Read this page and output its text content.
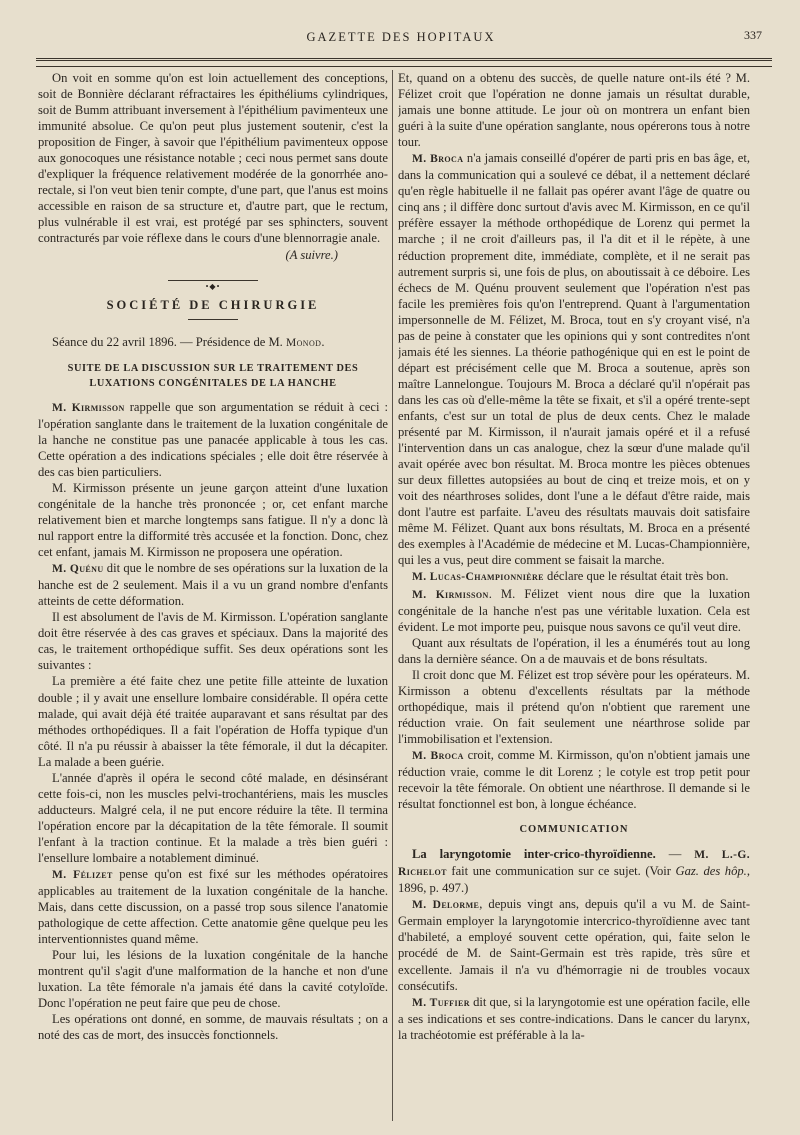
GAZETTE DES HOPITAUX	337

On voit en somme qu'on est loin actuellement des conceptions, soit de Bonnière déclarant réfractaires les épithéliums cylindriques, soit de Bumm attribuant inversement à l'épithélium pavimenteux une immunité absolue. Ce qu'on peut plus justement soutenir, c'est la proposition de Finger, à savoir que l'épithélium pavimenteux oppose aux gonocoques une résistance notable ; ceci nous permet sans doute d'expliquer la fréquence relativement modérée de la gonorrhée ano-rectale, si l'on veut bien tenir compte, d'une part, que l'anus est moins accessible en raison de sa structure et, d'autre part, que le rectum, plus vulnérable il est vrai, est protégé par ses sphincters, souvent contracturés par voie réflexe dans le cours d'une blennorragie anale.

(A suivre.)
•◆•
SOCIÉTÉ DE CHIRURGIE

Séance du 22 avril 1896. — Présidence de M. Monod.

SUITE DE LA DISCUSSION SUR LE TRAITEMENT DES LUXATIONS CONGÉNITALES DE LA HANCHE

M. Kirmisson rappelle que son argumentation se réduit à ceci : l'opération sanglante dans le traitement de la luxation congénitale de la hanche ne constitue pas une panacée applicable à tous les cas. Cette opération a des indications spéciales ; elle doit être réservée à des cas bien particuliers.

M. Kirmisson présente un jeune garçon atteint d'une luxation congénitale de la hanche très prononcée ; or, cet enfant marche relativement bien et marche longtemps sans fatigue. Il n'y a donc là nul rapport entre la difformité très accusée et la fonction. Donc, chez cet enfant, jamais M. Kirmisson ne proposera une opération.

M. Quénu dit que le nombre de ses opérations sur la luxation de la hanche est de 2 seulement. Mais il a vu un grand nombre d'enfants atteints de cette déformation.

Il est absolument de l'avis de M. Kirmisson. L'opération sanglante doit être réservée à des cas graves et spéciaux. Dans la majorité des cas, le traitement orthopédique suffit. Ses deux opérations sont les suivantes :

La première a été faite chez une petite fille atteinte de luxation double ; il y avait une ensellure lombaire considérable. Il opéra cette malade, qui avait déjà été traitée auparavant et sans résultat par des méthodes orthopédiques. Il a fait l'opération de Hoffa typique d'un côté. Il n'a pu réussir à abaisser la tête fémorale, il dut la décapiter. La malade a been guérie.

L'année d'après il opéra le second côté malade, en désinsérant cette fois-ci, non les muscles pelvi-trochantériens, mais les muscles adducteurs. Malgré cela, il ne put encore réduire la tête. Il termina l'opération encore par la décapitation de la tête fémorale. Il soumit l'enfant à la traction continue. Et la malade a très bien guéri : l'ensellure lombaire a notablement diminué.

M. Félizet pense qu'on est fixé sur les méthodes opératoires applicables au traitement de la luxation congénitale de la hanche. Mais, dans cette discussion, on a passé trop sous silence l'anatomie pathologique de cette affection. Cette anatomie gêne quelque peu les interventionnistes quand même.

Pour lui, les lésions de la luxation congénitale de la hanche montrent qu'il s'agit d'une malformation de la hanche et non d'une luxation. La tête fémorale n'a jamais été dans la cavité cotyloïde. Donc l'opération ne peut faire que peu de chose.

Les opérations ont donné, en somme, de mauvais résultats ; on a noté des cas de mort, des insuccès fonctionnels.

Et, quand on a obtenu des succès, de quelle nature ont-ils été ? M. Félizet croit que l'opération ne donne jamais un résultat durable, jamais une bonne attitude. Le jour où on montrera un enfant bien guéri à la suite d'une opération sanglante, nous opérerons tous à notre tour.

M. Broca n'a jamais conseillé d'opérer de parti pris en bas âge, et, dans la communication qui a soulevé ce débat, il a nettement déclaré qu'en règle habituelle il ne fallait pas opérer avant l'âge de quatre ou cinq ans ; il diffère donc surtout d'avis avec M. Kirmisson, en ce qu'il préfère essayer la méthode orthopédique de Lorenz qui permet la marche ; il ne croit d'ailleurs pas, il l'a dit et il le répète, à une réduction proprement dite, immédiate, complète, et il ne serait pas autrement surpris si, une fois de plus, on aboutissait à ce déboire. Les échecs de M. Quénu prouvent seulement que l'opération n'est pas facile les premières fois qu'on l'entreprend. Quant à l'argumentation impersonnelle de M. Félizet, M. Broca, tout en s'y croyant visé, n'a pas de peine à constater que les opinions qui y sont contredites n'ont jamais été les siennes. La théorie pathogénique qui en est le point de départ est précisément celle que M. Broca a soutenue, après son maître Lannelongue. Toujours M. Broca a déclaré qu'il n'opérait pas dans les cas où d'elle-même la tête se fixait, et s'il a opéré trente-sept enfants, c'est sur un total de plus de deux cents. Chez le malade présenté par M. Kirmisson, il n'aurait jamais opéré et il a refusé l'intervention dans un cas analogue, chez la sœur d'une malade qu'il avait opérée avec bon résultat. M. Broca montre les pièces obtenues sur deux fillettes autopsiées au bout de cinq et treize mois, et on y voit des néarthroses solides, dont l'une a le défaut d'être raide, mais dont l'autre est parfaite. L'aveu des résultats mauvais doit satisfaire même M. Félizet. Quant aux bons résultats, M. Broca en a présenté des exemples à l'Académie de médecine et M. Lucas-Championnière, qui les a vus, peut dire comment se faisait la marche.

M. Lucas-Championnière déclare que le résultat était très bon.

M. Kirmisson. M. Félizet vient nous dire que la luxation congénitale de la hanche n'est pas une véritable luxation. Cela est évident. Le mot importe peu, puisque nous savons ce qu'il veut dire.

Quant aux résultats de l'opération, il les a énumérés tout au long dans la dernière séance. On a de mauvais et de bons résultats.

Il croit donc que M. Félizet est trop sévère pour les opérateurs. M. Kirmisson a obtenu d'excellents résultats par la méthode orthopédique, mais il prétend qu'on n'obtient que rarement une réduction vraie. On fait seulement une néarthrose solide par l'immobilisation et l'extension.

M. Broca croit, comme M. Kirmisson, qu'on n'obtient jamais une réduction vraie, comme le dit Lorenz ; le cotyle est trop petit pour recevoir la tête fémorale. On obtient une néarthrose. Il demande si le résultat fonctionnel est bon, à longue échéance.

COMMUNICATION

La laryngotomie inter-crico-thyroïdienne. — M. L.-G. Richelot fait une communication sur ce sujet. (Voir Gaz. des hôp., 1896, p. 497.)

M. Delorme, depuis vingt ans, depuis qu'il a vu M. de Saint-Germain employer la laryngotomie intercrico-thyroïdienne avec tant d'habileté, a employé souvent cette opération, qui, faite selon le procédé de M. de Saint-Germain est très rapide, très sûre et excellente. Jamais il n'a vu d'hémorragie ni de troubles vocaux consécutifs.

M. Tuffier dit que, si la laryngotomie est une opération facile, elle a ses indications et ses contre-indications. Dans le cancer du larynx, la trachéotomie est préférable à la la-
